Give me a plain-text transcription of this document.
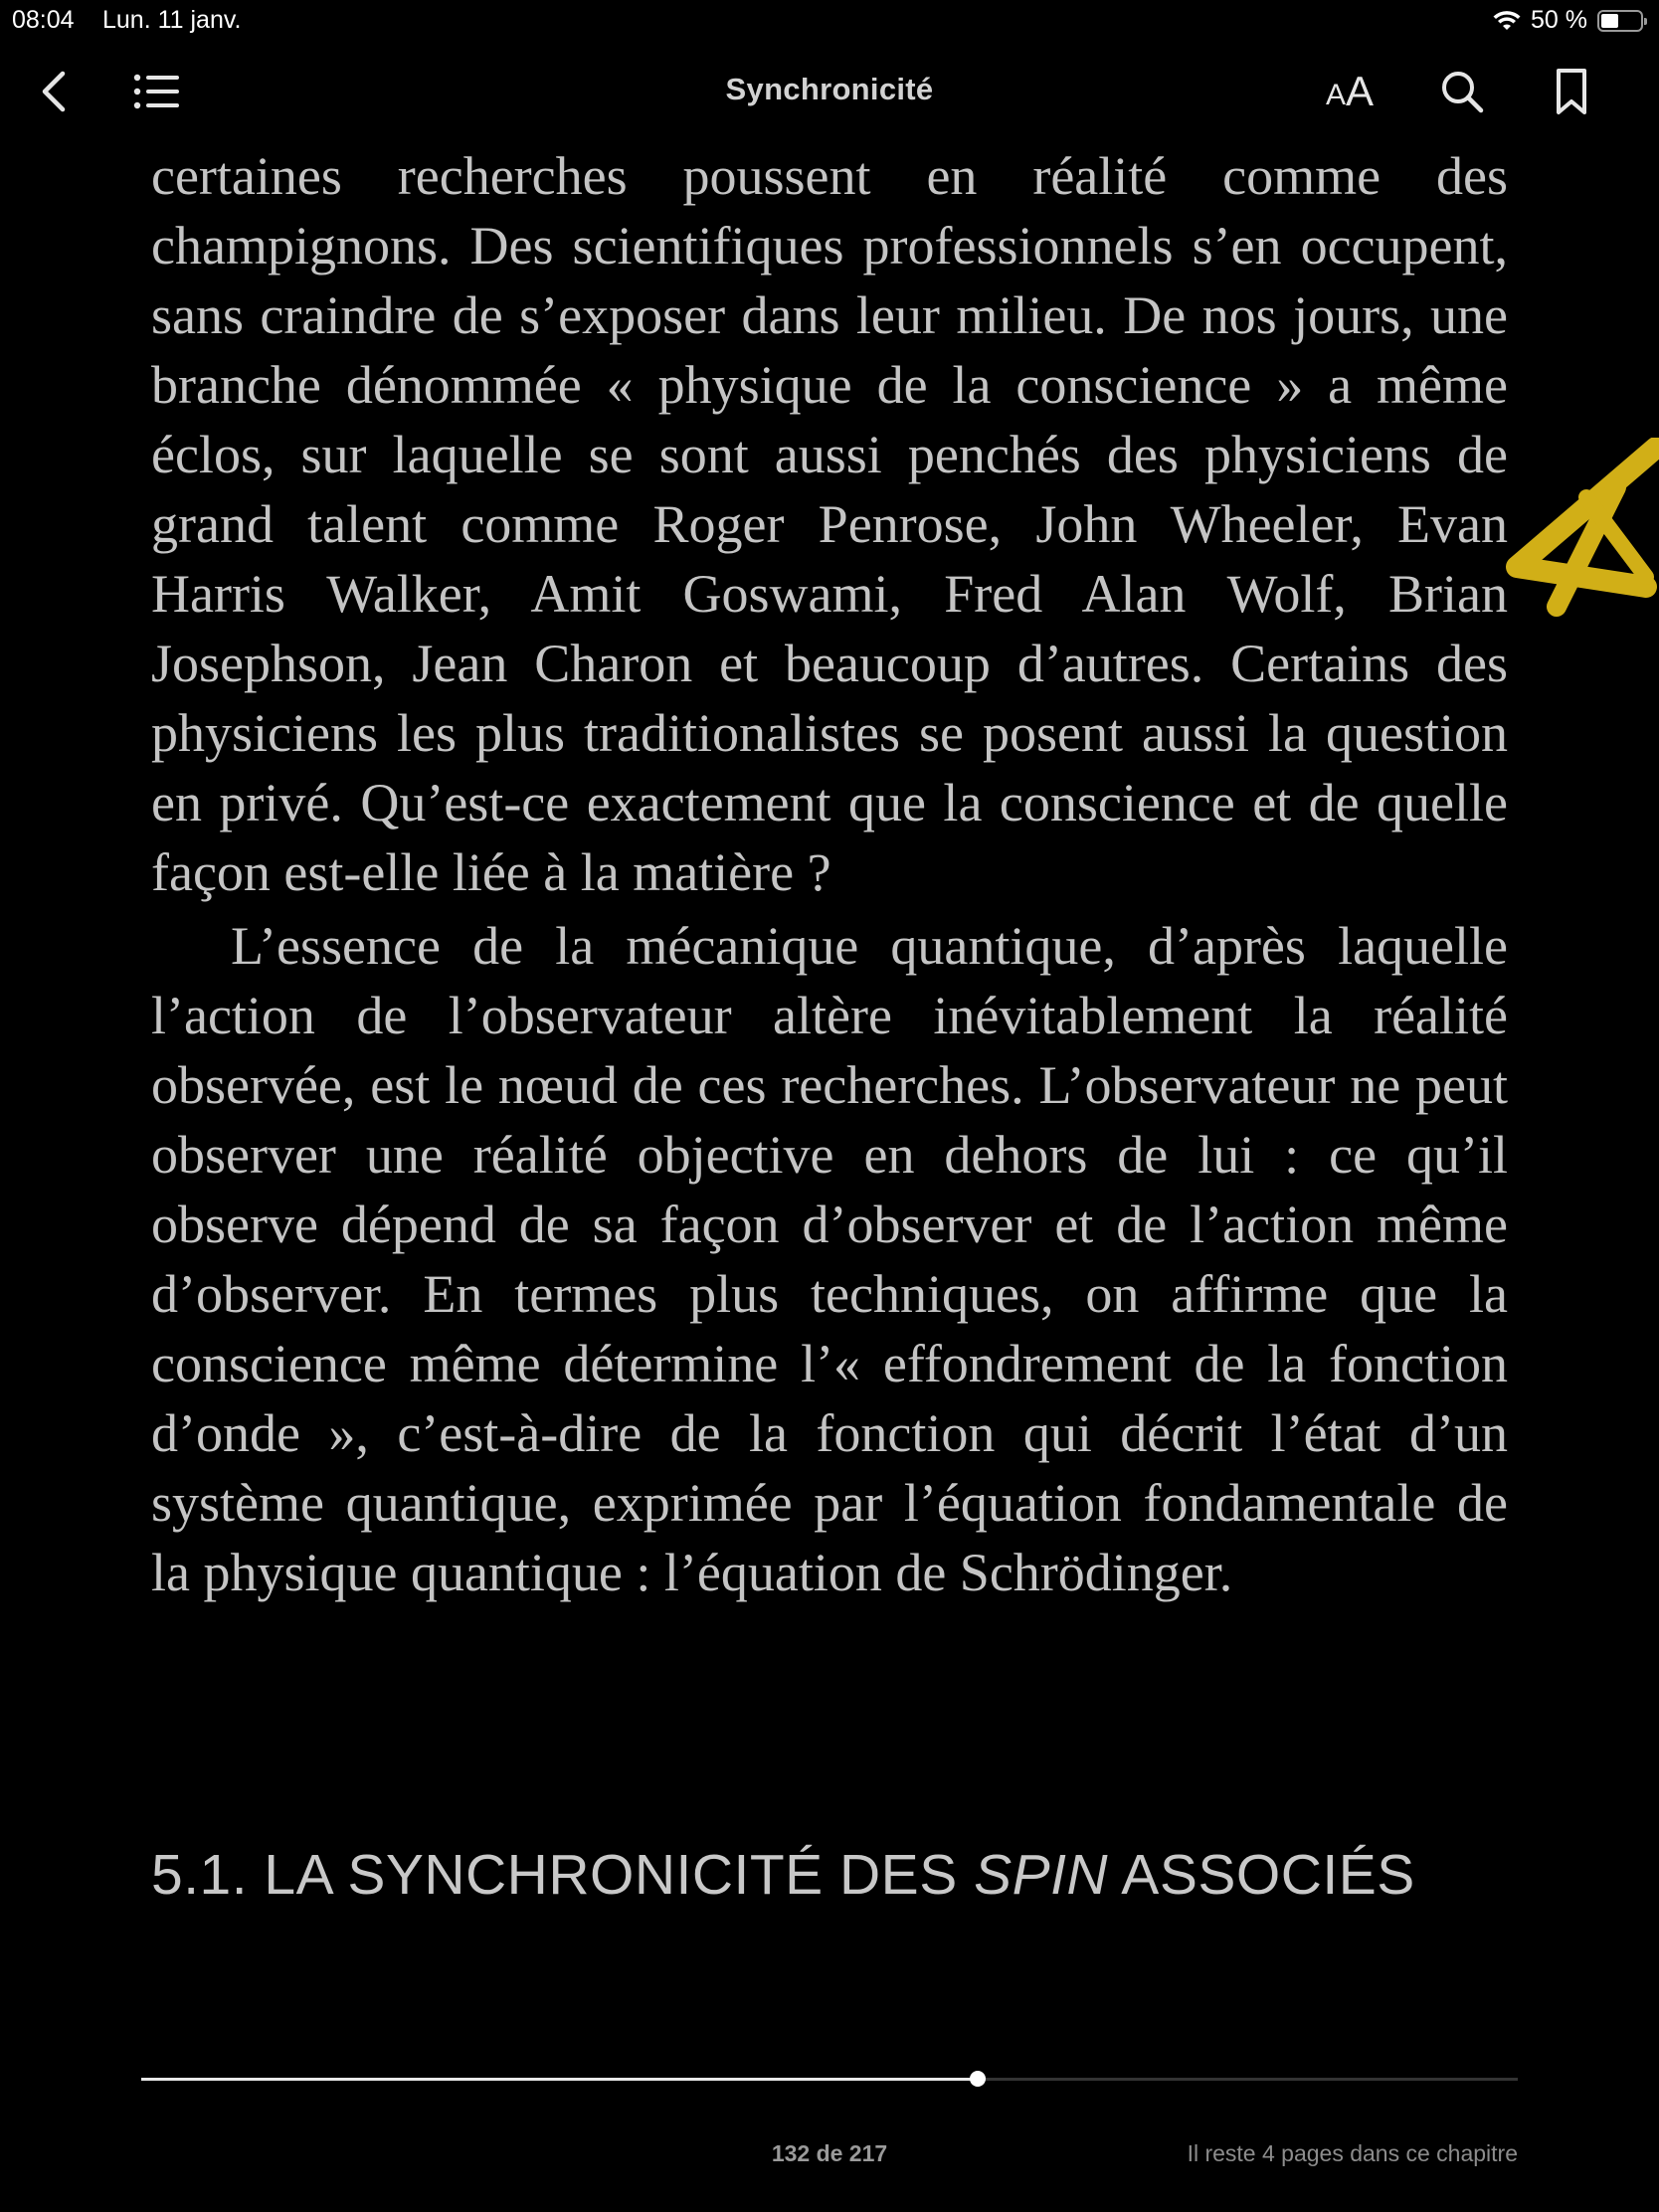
08:04 Lun. 11 janv.	50 %
Synchronicité	A A

certaines recherches poussent en réalité comme des champignons. Des scientifiques professionnels s’en occupent, sans craindre de s’exposer dans leur milieu. De nos jours, une branche dénommée « physique de la conscience » a même éclos, sur laquelle se sont aussi penchés des physiciens de grand talent comme Roger Penrose, John Wheeler, Evan Harris Walker, Amit Goswami, Fred Alan Wolf, Brian Josephson, Jean Charon et beaucoup d’autres. Certains des physiciens les plus traditionalistes se posent aussi la question en privé. Qu’est-ce exactement que la conscience et de quelle façon est-elle liée à la matière ?

L’essence de la mécanique quantique, d’après laquelle l’action de l’observateur altère inévitablement la réalité observée, est le nœud de ces recherches. L’observateur ne peut observer une réalité objective en dehors de lui : ce qu’il observe dépend de sa façon d’observer et de l’action même d’observer. En termes plus techniques, on affirme que la conscience même détermine l’« effondrement de la fonction d’onde », c’est-à-dire de la fonction qui décrit l’état d’un système quantique, exprimée par l’équation fondamentale de la physique quantique : l’équation de Schrödinger.

5.1. LA SYNCHRONICITÉ DES SPIN ASSOCIÉS
132 de 217	Il reste 4 pages dans ce chapitre
